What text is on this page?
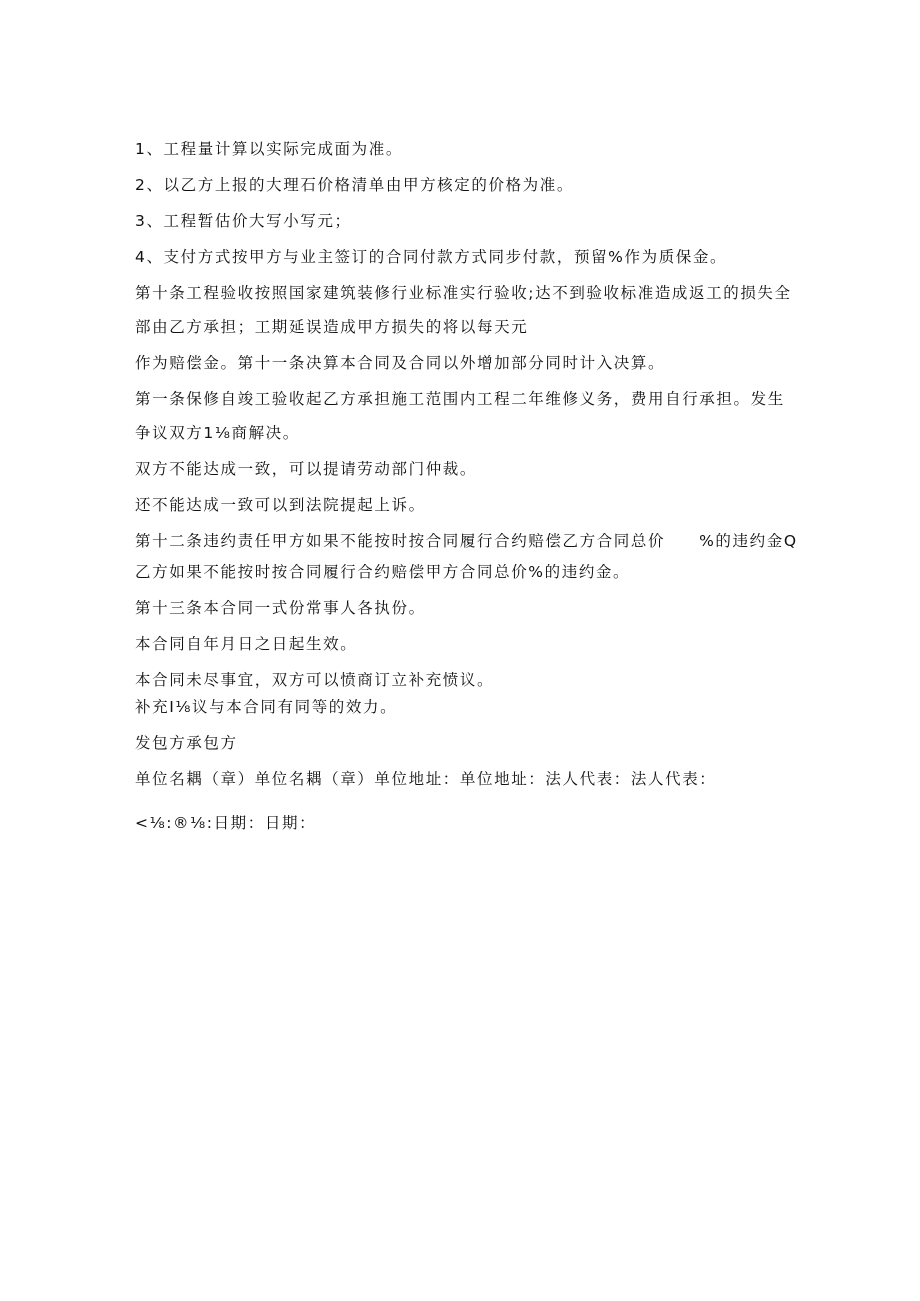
1、工程量计算以实际完成面为准。

2、以乙方上报的大理石价格清单由甲方核定的价格为准。

3、工程暂估价大写小写元；

4、支付方式按甲方与业主签订的合同付款方式同步付款，预留%作为质保金。

第十条工程验收按照国家建筑装修行业标准实行验收;达不到验收标准造成返工的损失全

部由乙方承担；工期延误造成甲方损失的将以每天元

作为赔偿金。第十一条决算本合同及合同以外增加部分同时计入决算。

第一条保修自竣工验收起乙方承担施工范围内工程二年维修义务，费用自行承担。发生

争议双方1⅛商解决。

双方不能达成一致，可以提请劳动部门仲裁。

还不能达成一致可以到法院提起上诉。

第十二条违约责任甲方如果不能按时按合同履行合约赔偿乙方合同总价 %的违约金Q

乙方如果不能按时按合同履行合约赔偿甲方合同总价%的违约金。

第十三条本合同一式份常事人各执份。

本合同自年月日之日起生效。

本合同未尽事宜，双方可以愤商订立补充愤议。

补充I⅛议与本合同有同等的效力。

发包方承包方

单位名耦（章）单位名耦（章）单位地址：单位地址：法人代表：法人代表：

<⅛:®⅛:日期：日期：
